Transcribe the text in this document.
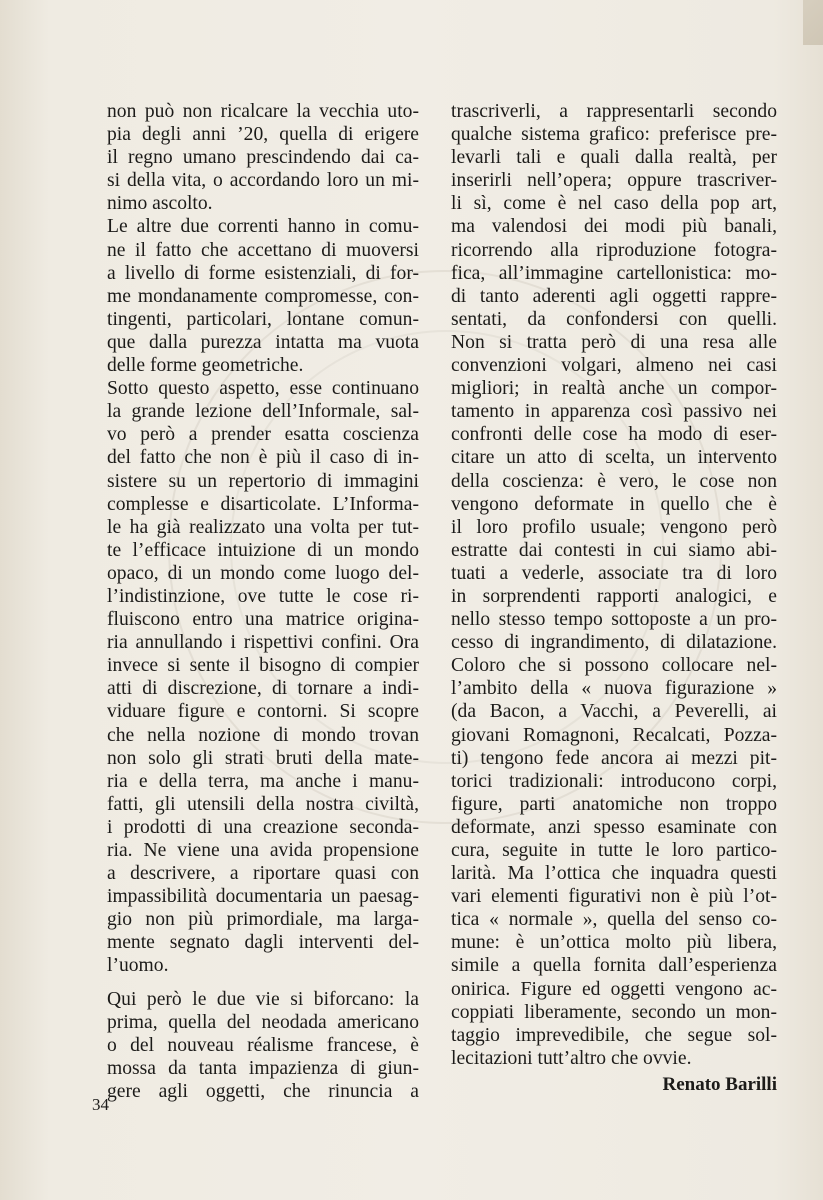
non può non ricalcare la vecchia uto-
pia degli anni ’20, quella di erigere
il regno umano prescindendo dai ca-
si della vita, o accordando loro un mi-
nimo ascolto.
Le altre due correnti hanno in comu-
ne il fatto che accettano di muoversi
a livello di forme esistenziali, di for-
me mondanamente compromesse, con-
tingenti, particolari, lontane comun-
que dalla purezza intatta ma vuota
delle forme geometriche.
Sotto questo aspetto, esse continuano
la grande lezione dell’Informale, sal-
vo però a prender esatta coscienza
del fatto che non è più il caso di in-
sistere su un repertorio di immagini
complesse e disarticolate. L’Informa-
le ha già realizzato una volta per tut-
te l’efficace intuizione di un mondo
opaco, di un mondo come luogo del-
l’indistinzione, ove tutte le cose ri-
fluiscono entro una matrice origina-
ria annullando i rispettivi confini. Ora
invece si sente il bisogno di compier
atti di discrezione, di tornare a indi-
viduare figure e contorni. Si scopre
che nella nozione di mondo trovan
non solo gli strati bruti della mate-
ria e della terra, ma anche i manu-
fatti, gli utensili della nostra civiltà,
i prodotti di una creazione seconda-
ria. Ne viene una avida propensione
a descrivere, a riportare quasi con
impassibilità documentaria un paesag-
gio non più primordiale, ma larga-
mente segnato dagli interventi del-
l’uomo.
Qui però le due vie si biforcano: la
prima, quella del neodada americano
o del nouveau réalisme francese, è
mossa da tanta impazienza di giun-
gere agli oggetti, che rinuncia a
trascriverli, a rappresentarli secondo
qualche sistema grafico: preferisce pre-
levarli tali e quali dalla realtà, per
inserirli nell’opera; oppure trascriver-
li sì, come è nel caso della pop art,
ma valendosi dei modi più banali,
ricorrendo alla riproduzione fotogra-
fica, all’immagine cartellonistica: mo-
di tanto aderenti agli oggetti rappre-
sentati, da confondersi con quelli.
Non si tratta però di una resa alle
convenzioni volgari, almeno nei casi
migliori; in realtà anche un compor-
tamento in apparenza così passivo nei
confronti delle cose ha modo di eser-
citare un atto di scelta, un intervento
della coscienza: è vero, le cose non
vengono deformate in quello che è
il loro profilo usuale; vengono però
estratte dai contesti in cui siamo abi-
tuati a vederle, associate tra di loro
in sorprendenti rapporti analogici, e
nello stesso tempo sottoposte a un pro-
cesso di ingrandimento, di dilatazione.
Coloro che si possono collocare nel-
l’ambito della « nuova figurazione »
(da Bacon, a Vacchi, a Peverelli, ai
giovani Romagnoni, Recalcati, Pozza-
ti) tengono fede ancora ai mezzi pit-
torici tradizionali: introducono corpi,
figure, parti anatomiche non troppo
deformate, anzi spesso esaminate con
cura, seguite in tutte le loro partico-
larità. Ma l’ottica che inquadra questi
vari elementi figurativi non è più l’ot-
tica « normale », quella del senso co-
mune: è un’ottica molto più libera,
simile a quella fornita dall’esperienza
onirica. Figure ed oggetti vengono ac-
coppiati liberamente, secondo un mon-
taggio imprevedibile, che segue sol-
lecitazioni tutt’altro che ovvie.
Renato Barilli
34
